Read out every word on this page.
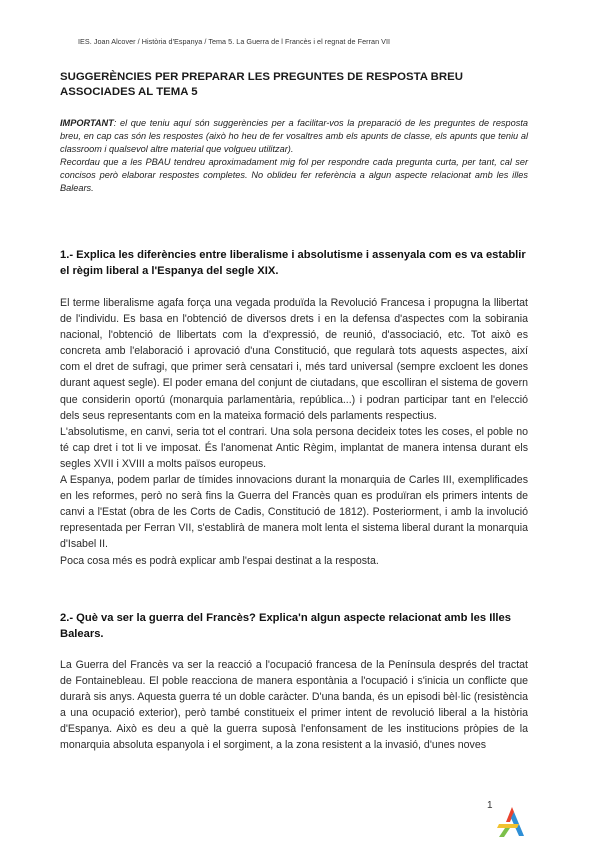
IES. Joan Alcover / Història d'Espanya / Tema 5. La Guerra de l Francès i el regnat de Ferran VII
SUGGERÈNCIES PER PREPARAR LES PREGUNTES DE RESPOSTA BREU
ASSOCIADES AL TEMA 5

IMPORTANT: el que teniu aquí són suggerències per a facilitar-vos la preparació de les preguntes de resposta breu, en cap cas són les respostes (això ho heu de fer vosaltres amb els apunts de classe, els apunts que teniu al classroom i qualsevol altre material que volgueu utilitzar).

Recordau que a les PBAU tendreu aproximadament mig fol per respondre cada pregunta curta, per tant, cal ser concisos però elaborar respostes completes. No oblideu fer referència a algun aspecte relacionat amb les illes Balears.

1.- Explica les diferències entre liberalisme i absolutisme i assenyala com es va establir el règim liberal a l'Espanya del segle XIX.

El terme liberalisme agafa força una vegada produïda la Revolució Francesa i propugna la llibertat de l'individu. Es basa en l'obtenció de diversos drets i en la defensa d'aspectes com la sobirania nacional, l'obtenció de llibertats com la d'expressió, de reunió, d'associació, etc. Tot això es concreta amb l'elaboració i aprovació d'una Constitució, que regularà tots aquests aspectes, així com el dret de sufragi, que primer serà censatari i, més tard universal (sempre excloent les dones durant aquest segle). El poder emana del conjunt de ciutadans, que escolliran el sistema de govern que considerin oportú (monarquia parlamentària, república...) i podran participar tant en l'elecció dels seus representants com en la mateixa formació dels parlaments respectius.

L'absolutisme, en canvi, seria tot el contrari. Una sola persona decideix totes les coses, el poble no té cap dret i tot li ve imposat. És l'anomenat Antic Règim, implantat de manera intensa durant els segles XVII i XVIII a molts països europeus.

A Espanya, podem parlar de tímides innovacions durant la monarquia de Carles III, exemplificades en les reformes, però no serà fins la Guerra del Francès quan es produïran els primers intents de canvi a l'Estat (obra de les Corts de Cadis, Constitució de 1812). Posteriorment, i amb la involució representada per Ferran VII, s'establirà de manera molt lenta el sistema liberal durant la monarquia d'Isabel II.

Poca cosa més es podrà explicar amb l'espai destinat a la resposta.

2.- Què va ser la guerra del Francès? Explica'n algun aspecte relacionat amb les Illes Balears.

La Guerra del Francès va ser la reacció a l'ocupació francesa de la Península després del tractat de Fontainebleau. El poble reacciona de manera espontània a l'ocupació i s'inicia un conflicte que durarà sis anys. Aquesta guerra té un doble caràcter. D'una banda, és un episodi bèl·lic (resistència a una ocupació exterior), però també constitueix el primer intent de revolució liberal a la història d'Espanya. Això es deu a què la guerra suposà l'enfonsament de les institucions pròpies de la monarquia absoluta espanyola i el sorgiment, a la zona resistent a la invasió, d'unes noves

1
